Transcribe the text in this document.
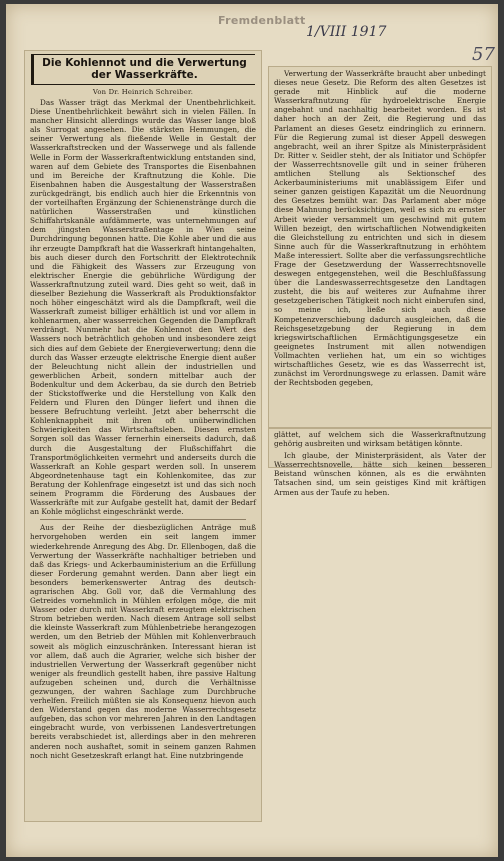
Fremdenblatt
1/VIII 1917
57
Die Kohlennot und die Verwertung der Wasserkräfte.
Von Dr. Heinrich Schreiber.

Das Wasser trägt das Merkmal der Unentbehrlichkeit. Diese Unentbehrlichkeit bewährt sich in vielen Fällen. In mancher Hinsicht allerdings wurde das Wasser lange bloß als Surrogat angesehen. Die stärksten Hemmungen, die seiner Verwertung als fließende Welle in Gestalt der Wasserkraftstrecken und der Wasserwege und als fallende Welle in Form der Wasserkraftentwicklung entstanden sind, waren auf dem Gebiete des Transportes die Eisenbahnen und im Bereiche der Kraftnutzung die Kohle. Die Eisenbahnen haben die Ausgestaltung der Wasserstraßen zurückgedrängt, bis endlich auch hier die Erkenntnis von der vorteilhaften Ergänzung der Schienenstränge durch die natürlichen Wasserstraßen und künstlichen Schiffahrtskanäle aufdämmerte, was unternehmungen auf dem jüngsten Wasserstraßentage in Wien seine Durchdringung begonnen hatte. Die Kohle aber und die aus ihr erzeugte Dampfkraft hat die Wasserkraft hintangehalten, bis auch dieser durch den Fortschritt der Elektrotechnik und die Fähigkeit des Wassers zur Erzeugung von elektrischer Energie die gebührliche Würdigung der Wasserkraftnutzung zuteil ward. Dies geht so weit, daß in dieselber Beziehung die Wasserkraft als Produktionsfaktor noch höher eingeschätzt wird als die Dampfkraft, weil die Wasserkraft zumeist billiger erhältlich ist und vor allem in kohlenarmen, aber wasserreichen Gegenden die Dampfkraft verdrängt. Nunmehr hat die Kohlennot den Wert des Wassers noch beträchtlich gehoben und insbesondere zeigt sich dies auf dem Gebiete der Energieverwertung; denn die durch das Wasser erzeugte elektrische Energie dient außer der Beleuchtung nicht allein der industriellen und gewerblichen Arbeit, sondern mittelbar auch der Bodenkultur und dem Ackerbau, da sie durch den Betrieb der Stickstoffwerke und die Herstellung von Kalk den Feldern und Fluren den Dünger liefert und ihnen die bessere Befruchtung verleiht. Jetzt aber beherrscht die Kohlenknappheit mit ihren oft unüberwindlichen Schwierigkeiten das Wirtschaftsleben. Diesen ernsten Sorgen soll das Wasser fernerhin einerseits dadurch, daß durch die Ausgestaltung der Flußschiffahrt die Transportmöglichkeiten vermehrt und anderseits durch die Wasserkraft an Kohle gespart werden soll. In unserem Abgeordnetenhause tagt ein Kohlenkomitee, das zur Beratung der Kohlenfrage eingesetzt ist und das sich noch seinem Programm die Förderung des Ausbaues der Wasserkräfte mit zur Aufgabe gestellt hat, damit der Bedarf an Kohle möglichst eingeschränkt werde.

Aus der Reihe der diesbezüglichen Anträge muß hervorgehoben werden ein seit langem immer wiederkehrende Anregung des Abg. Dr. Ellenbogen, daß die Verwertung der Wasserkräfte nachhaltiger betrieben und daß das Kriegs- und Ackerbauministerium an die Erfüllung dieser Forderung gemahnt werden. Dann aber liegt ein besonders bemerkenswerter Antrag des deutsch-agrarischen Abg. Goll vor, daß die Vermahlung des Getreides vornehmlich in Mühlen erfolgen möge, die mit Wasser oder durch mit Wasserkraft erzeugtem elektrischen Strom betrieben werden. Nach diesem Antrage soll selbst die kleinste Wasserkraft zum Mühlenbetriebe herangezogen werden, um den Betrieb der Mühlen mit Kohlenverbrauch soweit als möglich einzuschränken. Interessant hieran ist vor allem, daß auch die Agrarier, welche sich bisher der industriellen Verwertung der Wasserkraft gegenüber nicht weniger als freundlich gestellt haben, ihre passive Haltung aufzugeben scheinen und, durch die Verhältnisse gezwungen, der wahren Sachlage zum Durchbruche verhelfen. Freilich müßten sie als Konsequenz hievon auch den Widerstand gegen das moderne Wasserrechtsgesetz aufgeben, das schon vor mehreren Jahren in den Landtagen eingebracht wurde, von verbissenen Landesvertretungen bereits verabschiedet ist, allerdings aber in den mehreren anderen noch aushaftet, somit in seinem ganzen Rahmen noch nicht Gesetzeskraft erlangt hat. Eine nutzbringende

Verwertung der Wasserkräfte braucht aber unbedingt dieses neue Gesetz. Die Reform des alten Gesetzes ist gerade mit Hinblick auf die moderne Wasserkraftnutzung für hydroelektrische Energie angebahnt und nachhaltig bearbeitet worden. Es ist daher hoch an der Zeit, die Regierung und das Parlament an dieses Gesetz eindringlich zu erinnern. Für die Regierung zumal ist dieser Appell deswegen angebracht, weil an ihrer Spitze als Ministerpräsident Dr. Ritter v. Seidler steht, der als Initiator und Schöpfer der Wasserrechtsnovelle gilt und in seiner früheren amtlichen Stellung als Sektionschef des Ackerbauministeriums mit unablässigem Eifer und seiner ganzen geistigen Kapazität um die Neuordnung des Gesetzes bemüht war. Das Parlament aber möge diese Mahnung berücksichtigen, weil es sich zu ernster Arbeit wieder versammelt um geschwind mit gutem Willen bezeigt, den wirtschaftlichen Notwendigkeiten die Gleichstellung zu entrichten und sich in diesem Sinne auch für die Wasserkraftnutzung in erhöhtem Maße interessiert. Sollte aber die verfassungsrechtliche Frage der Gesetzwerdung der Wasserrechtsnovelle deswegen entgegenstehen, weil die Beschlußfassung über die Landeswasserrechtsgesetze den Landtagen zusteht, die bis auf weiteres zur Aufnahme ihrer gesetzgeberischen Tätigkeit noch nicht einberufen sind, so meine ich, ließe sich auch diese Kompetenzverschiebung dadurch ausgleichen, daß die Reichsgesetzgebung der Regierung in dem kriegswirtschaftlichen Ermächtigungsgesetze ein geeignetes Instrument mit allen notwendigen Vollmachten verliehen hat, um ein so wichtiges wirtschaftliches Gesetz, wie es das Wasserrecht ist, zunächst im Verordnungswege zu erlassen. Damit wäre der Rechtsboden gegeben,

glättet, auf welchem sich die Wasserkraftnutzung gehörig ausbreiten und wirksam betätigen könnte.

Ich glaube, der Ministerpräsident, als Vater der Wasserrechtsnovelle, hätte sich keinen besseren Beistand wünschen können, als es die erwähnten Tatsachen sind, um sein geistiges Kind mit kräftigen Armen aus der Taufe zu heben.
